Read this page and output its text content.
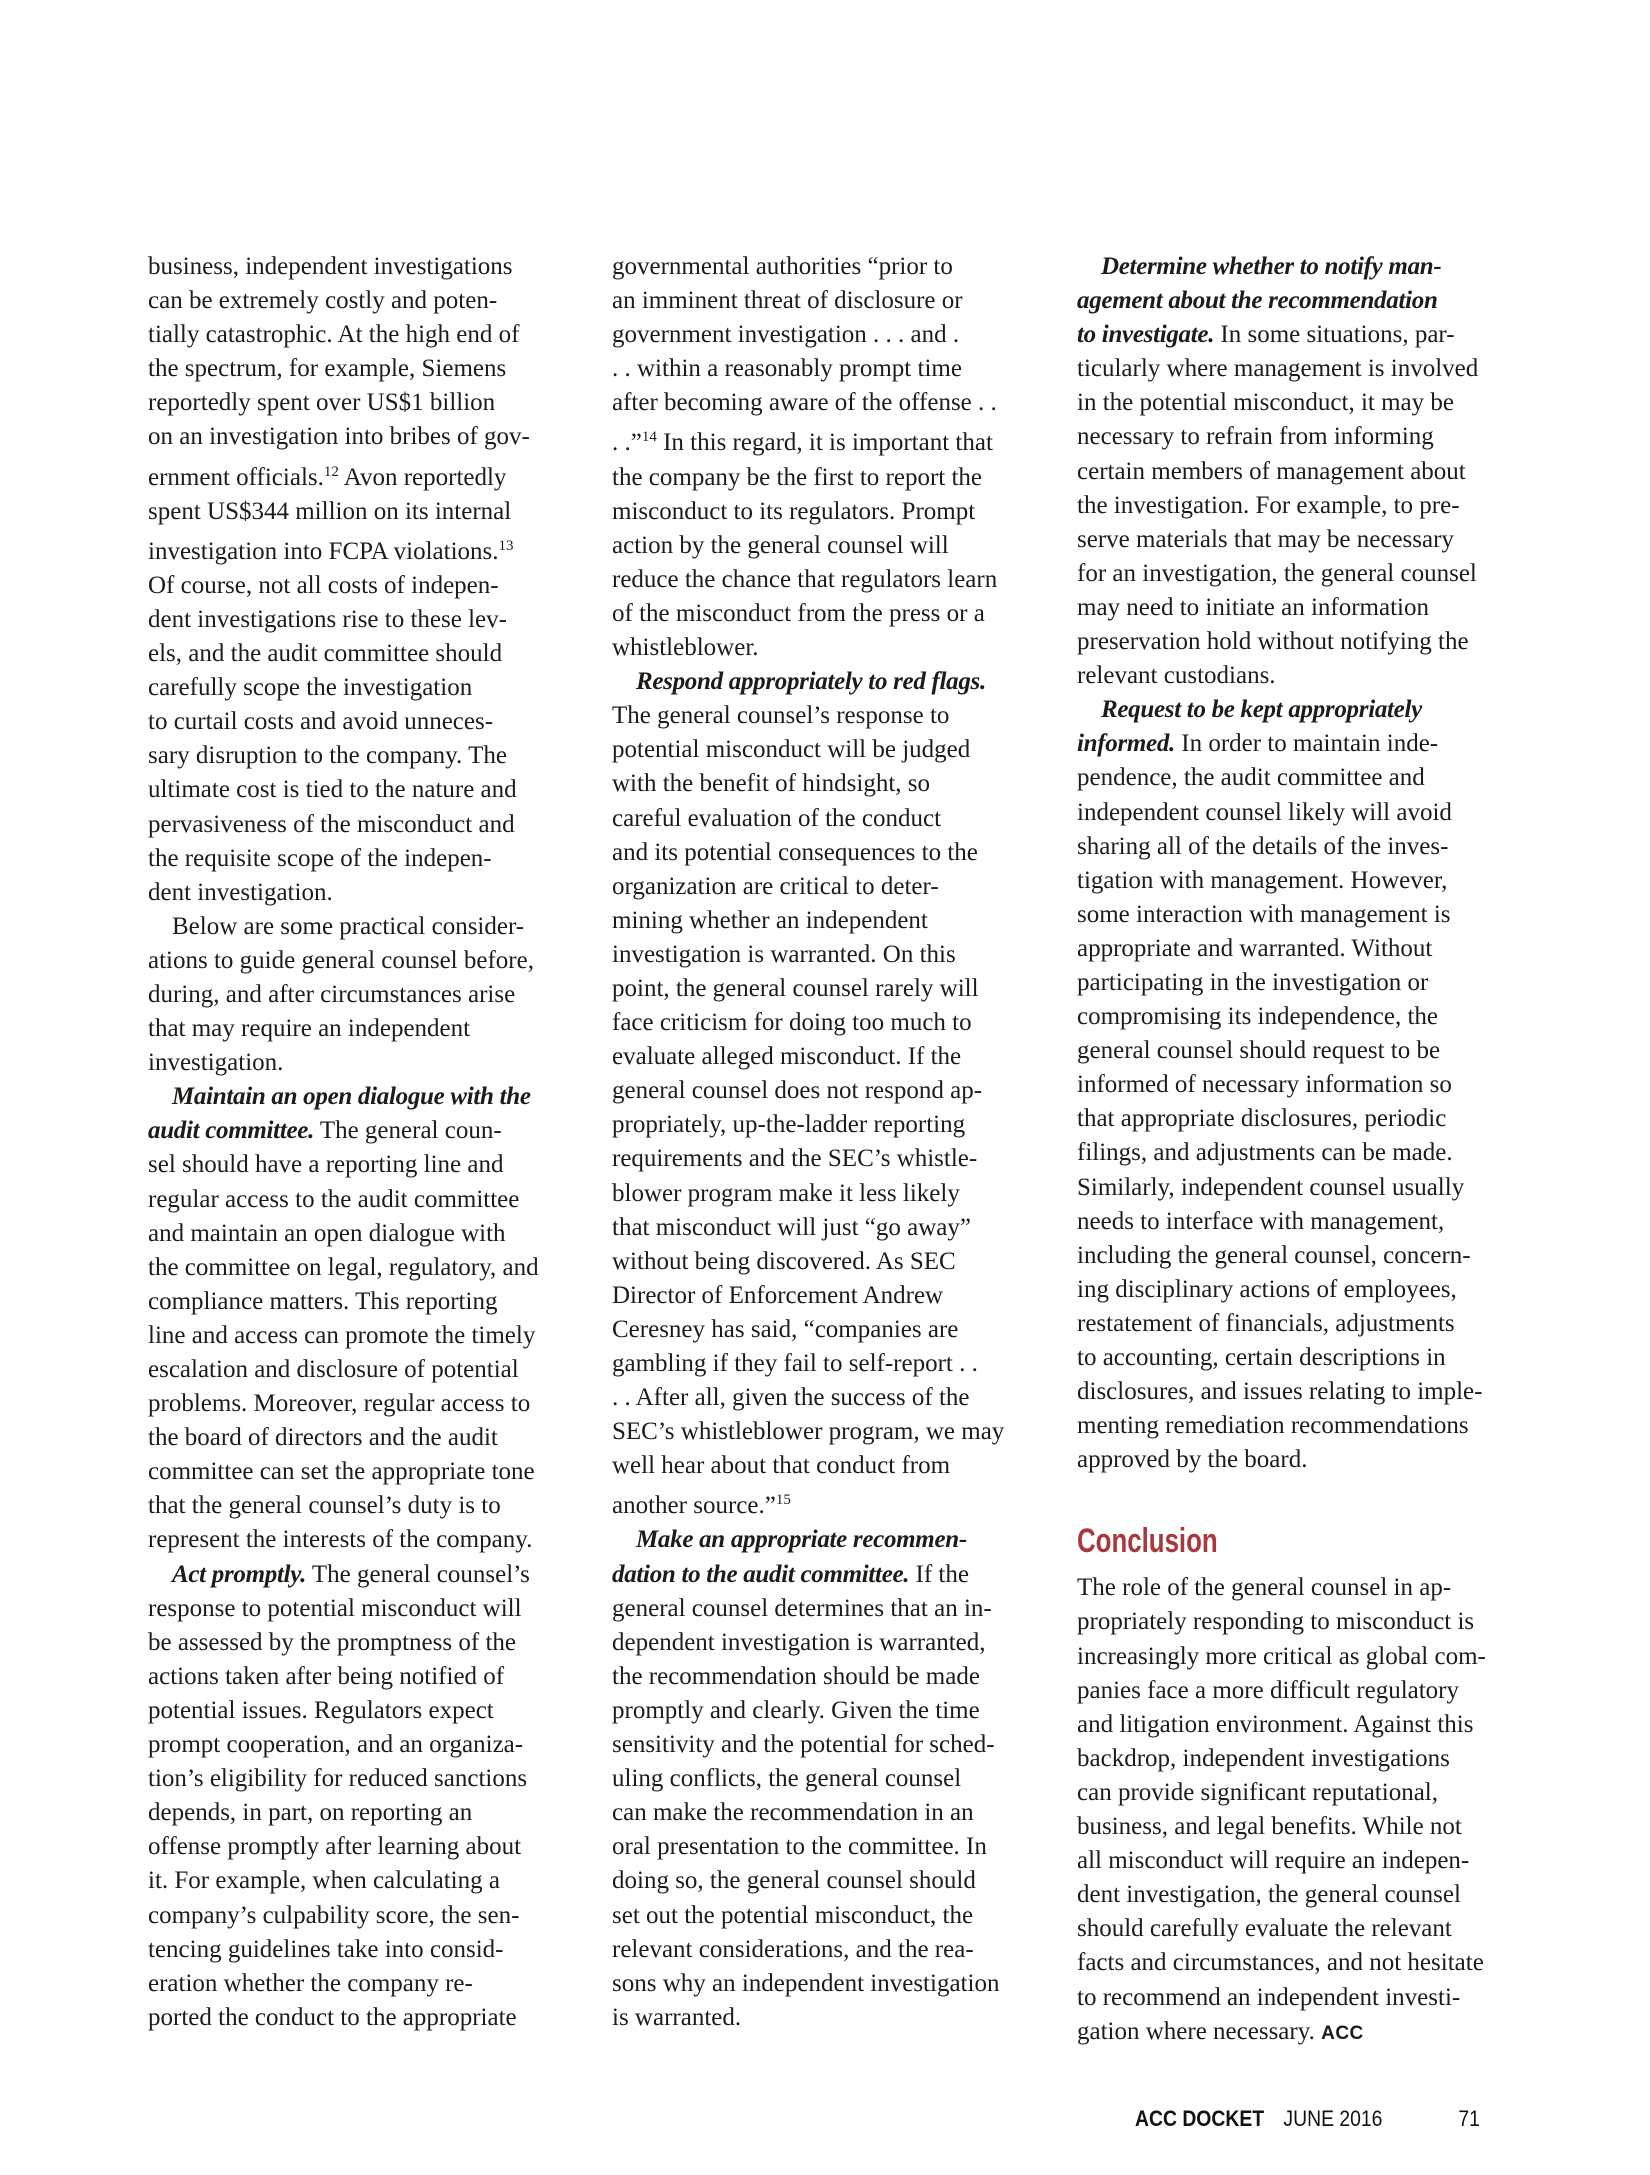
business, independent investigations
can be extremely costly and poten-
tially catastrophic. At the high end of
the spectrum, for example, Siemens
reportedly spent over US$1 billion
on an investigation into bribes of gov-
ernment officials.$^{12}$ Avon reportedly
spent US$344 million on its internal
investigation into FCPA violations.$^{13}$
Of course, not all costs of indepen-
dent investigations rise to these lev-
els, and the audit committee should
carefully scope the investigation
to curtail costs and avoid unneces-
sary disruption to the company. The
ultimate cost is tied to the nature and
pervasiveness of the misconduct and
the requisite scope of the indepen-
dent investigation.
Below are some practical consider-
ations to guide general counsel before,
during, and after circumstances arise
that may require an independent
investigation.
Maintain an open dialogue with the
audit committee. The general coun-
sel should have a reporting line and
regular access to the audit committee
and maintain an open dialogue with
the committee on legal, regulatory, and
compliance matters. This reporting
line and access can promote the timely
escalation and disclosure of potential
problems. Moreover, regular access to
the board of directors and the audit
committee can set the appropriate tone
that the general counsel’s duty is to
represent the interests of the company.
Act promptly. The general counsel’s
response to potential misconduct will
be assessed by the promptness of the
actions taken after being notified of
potential issues. Regulators expect
prompt cooperation, and an organiza-
tion’s eligibility for reduced sanctions
depends, in part, on reporting an
offense promptly after learning about
it. For example, when calculating a
company’s culpability score, the sen-
tencing guidelines take into consid-
eration whether the company re-
ported the conduct to the appropriate
governmental authorities “prior to
an imminent threat of disclosure or
government investigation . . . and .
. . within a reasonably prompt time
after becoming aware of the offense . .
. .”$^{14}$ In this regard, it is important that
the company be the first to report the
misconduct to its regulators. Prompt
action by the general counsel will
reduce the chance that regulators learn
of the misconduct from the press or a
whistleblower.
Respond appropriately to red flags.
The general counsel’s response to
potential misconduct will be judged
with the benefit of hindsight, so
careful evaluation of the conduct
and its potential consequences to the
organization are critical to deter-
mining whether an independent
investigation is warranted. On this
point, the general counsel rarely will
face criticism for doing too much to
evaluate alleged misconduct. If the
general counsel does not respond ap-
propriately, up-the-ladder reporting
requirements and the SEC’s whistle-
blower program make it less likely
that misconduct will just “go away”
without being discovered. As SEC
Director of Enforcement Andrew
Ceresney has said, “companies are
gambling if they fail to self-report . .
. . After all, given the success of the
SEC’s whistleblower program, we may
well hear about that conduct from
another source.”$^{15}$
Make an appropriate recommen-
dation to the audit committee. If the
general counsel determines that an in-
dependent investigation is warranted,
the recommendation should be made
promptly and clearly. Given the time
sensitivity and the potential for sched-
uling conflicts, the general counsel
can make the recommendation in an
oral presentation to the committee. In
doing so, the general counsel should
set out the potential misconduct, the
relevant considerations, and the rea-
sons why an independent investigation
is warranted.
Determine whether to notify man-
agement about the recommendation
to investigate. In some situations, par-
ticularly where management is involved
in the potential misconduct, it may be
necessary to refrain from informing
certain members of management about
the investigation. For example, to pre-
serve materials that may be necessary
for an investigation, the general counsel
may need to initiate an information
preservation hold without notifying the
relevant custodians.
Request to be kept appropriately
informed. In order to maintain inde-
pendence, the audit committee and
independent counsel likely will avoid
sharing all of the details of the inves-
tigation with management. However,
some interaction with management is
appropriate and warranted. Without
participating in the investigation or
compromising its independence, the
general counsel should request to be
informed of necessary information so
that appropriate disclosures, periodic
filings, and adjustments can be made.
Similarly, independent counsel usually
needs to interface with management,
including the general counsel, concern-
ing disciplinary actions of employees,
restatement of financials, adjustments
to accounting, certain descriptions in
disclosures, and issues relating to imple-
menting remediation recommendations
approved by the board.
Conclusion
The role of the general counsel in ap-
propriately responding to misconduct is
increasingly more critical as global com-
panies face a more difficult regulatory
and litigation environment. Against this
backdrop, independent investigations
can provide significant reputational,
business, and legal benefits. While not
all misconduct will require an indepen-
dent investigation, the general counsel
should carefully evaluate the relevant
facts and circumstances, and not hesitate
to recommend an independent investi-
gation where necessary. ACC
ACC DOCKET JUNE 2016	71
